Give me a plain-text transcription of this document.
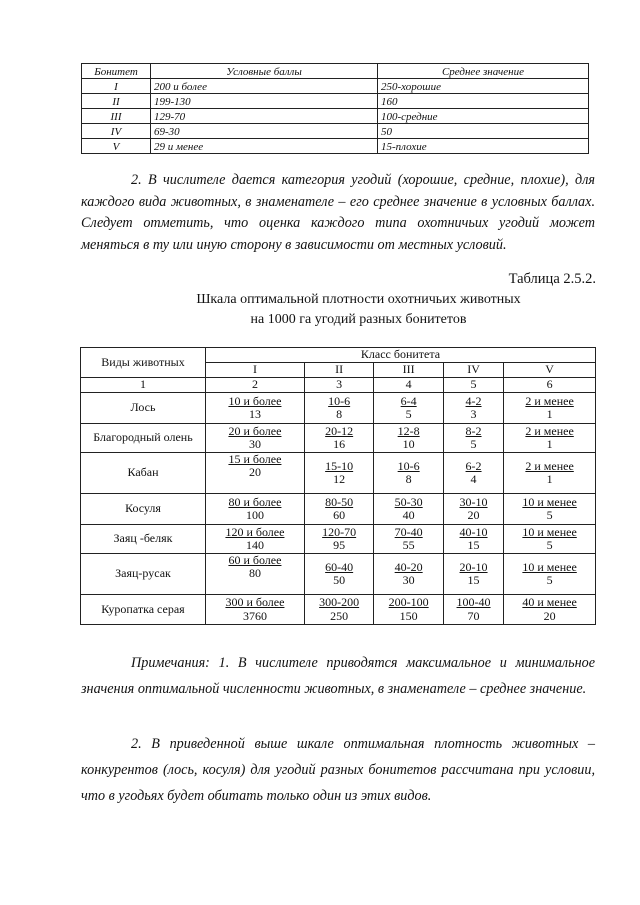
Бонитет	Условные баллы	Среднее значение
I	200 и более	250-хорошие
II	199-130	160
III	129-70	100-средние
IV	69-30	50
V	29 и менее	15-плохие
2. В числителе дается категория угодий (хорошие, средние, плохие), для каждого вида животных, в знаменателе – его среднее значение в условных баллах. Следует отметить, что оценка каждого типа охотничьих угодий может меняться в ту или иную сторону в зависимости от местных условий.
Таблица 2.5.2.
Шкала оптимальной плотности охотничьих животных
на 1000 га угодий разных бонитетов
Виды животных	Класс бонитета				
	I	II	III	IV	V
1	2	3	4	5	6
Лось	$\frac{\text{10 и более}}{13}$	$\frac{10-6}{8}$	$\frac{6-4}{5}$	$\frac{4-2}{3}$	$\frac{\text{2 и менее}}{1}$

Благородный олень	$\frac{\text{20 и более}}{30}$	$\frac{20-12}{16}$	$\frac{12-8}{10}$	$\frac{8-2}{5}$	$\frac{\text{2 и менее}}{1}$

Кабан	$\frac{\text{15 и более}}{20}$	$\frac{15-10}{12}$	$\frac{10-6}{8}$	$\frac{6-2}{4}$	$\frac{\text{2 и менее}}{1}$

Косуля	$\frac{\text{80 и более}}{100}$	$\frac{80-50}{60}$	$\frac{50-30}{40}$	$\frac{30-10}{20}$	$\frac{\text{10 и менее}}{5}$

Заяц -беляк	$\frac{\text{120 и более}}{140}$	$\frac{120-70}{95}$	$\frac{70-40}{55}$	$\frac{40-10}{15}$	$\frac{\text{10 и менее}}{5}$

Заяц-русак	$\frac{\text{60 и более}}{80}$	$\frac{60-40}{50}$	$\frac{40-20}{30}$	$\frac{20-10}{15}$	$\frac{\text{10 и менее}}{5}$

Куропатка серая	$\frac{\text{300 и более}}{3760}$	$\frac{300-200}{250}$	$\frac{200-100}{150}$	$\frac{100-40}{70}$	$\frac{\text{40 и менее}}{20}$
Примечания: 1. В числителе приводятся максимальное и минимальное значения оптимальной численности животных, в знаменателе – среднее значение.
2. В приведенной выше шкале оптимальная плотность животных – конкурентов (лось, косуля) для угодий разных бонитетов рассчитана при условии, что в угодьях будет обитать только один из этих видов.
